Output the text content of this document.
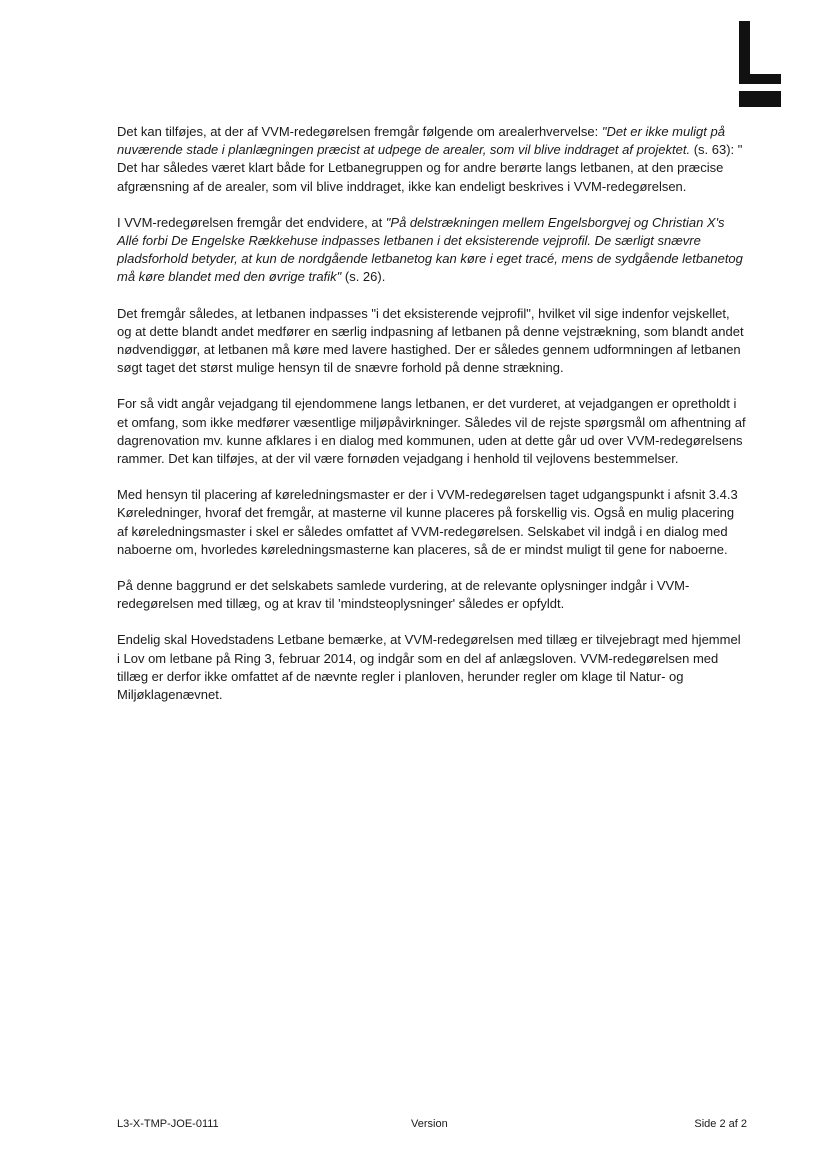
Det kan tilføjes, at der af VVM-redegørelsen fremgår følgende om arealerhvervelse: "Det er ikke muligt på nuværende stade i planlægningen præcist at udpege de arealer, som vil blive inddraget af projektet. (s. 63): " Det har således været klart både for Letbanegruppen og for andre berørte langs letbanen, at den præcise afgrænsning af de arealer, som vil blive inddraget, ikke kan endeligt beskrives i VVM-redegørelsen.

I VVM-redegørelsen fremgår det endvidere, at "På delstrækningen mellem Engelsborgvej og Christian X's Allé forbi De Engelske Rækkehuse indpasses letbanen i det eksisterende vejprofil. De særligt snævre pladsforhold betyder, at kun de nordgående letbanetog kan køre i eget tracé, mens de sydgående letbanetog må køre blandet med den øvrige trafik" (s. 26).

Det fremgår således, at letbanen indpasses "i det eksisterende vejprofil", hvilket vil sige indenfor vejskellet, og at dette blandt andet medfører en særlig indpasning af letbanen på denne vejstrækning, som blandt andet nødvendiggør, at letbanen må køre med lavere hastighed. Der er således gennem udformningen af letbanen søgt taget det størst mulige hensyn til de snævre forhold på denne strækning.

For så vidt angår vejadgang til ejendommene langs letbanen, er det vurderet, at vejadgangen er opretholdt i et omfang, som ikke medfører væsentlige miljøpåvirkninger. Således vil de rejste spørgsmål om afhentning af dagrenovation mv. kunne afklares i en dialog med kommunen, uden at dette går ud over VVM-redegørelsens rammer. Det kan tilføjes, at der vil være fornøden vejadgang i henhold til vejlovens bestemmelser.

Med hensyn til placering af køreledningsmaster er der i VVM-redegørelsen taget udgangspunkt i afsnit 3.4.3 Køreledninger, hvoraf det fremgår, at masterne vil kunne placeres på forskellig vis. Også en mulig placering af køreledningsmaster i skel er således omfattet af VVM-redegørelsen. Selskabet vil indgå i en dialog med naboerne om, hvorledes køreledningsmasterne kan placeres, så de er mindst muligt til gene for naboerne.

På denne baggrund er det selskabets samlede vurdering, at de relevante oplysninger indgår i VVM-redegørelsen med tillæg, og at krav til 'mindsteoplysninger' således er opfyldt.

Endelig skal Hovedstadens Letbane bemærke, at VVM-redegørelsen med tillæg er tilvejebragt med hjemmel i Lov om letbane på Ring 3, februar 2014, og indgår som en del af anlægsloven. VVM-redegørelsen med tillæg er derfor ikke omfattet af de nævnte regler i planloven, herunder regler om klage til Natur- og Miljøklagenævnet.

L3-X-TMP-JOE-0111	Version	Side 2 af 2
